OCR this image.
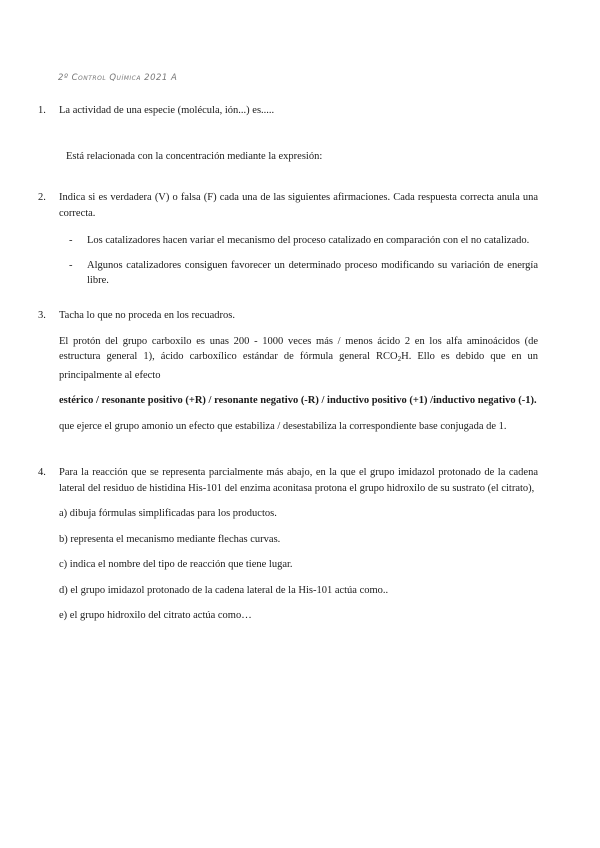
2º Control Química 2021 A
1. La actividad de una especie (molécula, ión...) es.....

Está relacionada con la concentración mediante la expresión:

2. Indica si es verdadera (V) o falsa (F) cada una de las siguientes afirmaciones. Cada respuesta correcta anula una correcta.

- Los catalizadores hacen variar el mecanismo del proceso catalizado en comparación con el no catalizado.
- Algunos catalizadores consiguen favorecer un determinado proceso modificando su variación de energía libre.
3. Tacha lo que no proceda en los recuadros.

El protón del grupo carboxilo es unas 200 - 1000 veces más / menos ácido 2 en los alfa aminoácidos (de estructura general 1), ácido carboxílico estándar de fórmula general $RCO_2H$. Ello es debido que en un principalmente al efecto

estérico / resonante positivo (+R) / resonante negativo (-R) / inductivo positivo (+1) /inductivo negativo (-1).

que ejerce el grupo amonio un efecto que estabiliza / desestabiliza la correspondiente base conjugada de 1.

4. Para la reacción que se representa parcialmente más abajo, en la que el grupo imidazol protonado de la cadena lateral del residuo de histidina His-101 del enzima aconitasa protona el grupo hidroxilo de su sustrato (el citrato),

a) dibuja fórmulas simplificadas para los productos.

b) representa el mecanismo mediante flechas curvas.

c) indica el nombre del tipo de reacción que tiene lugar.

d) el grupo imidazol protonado de la cadena lateral de la His-101 actúa como..

e) el grupo hidroxilo del citrato actúa como…
